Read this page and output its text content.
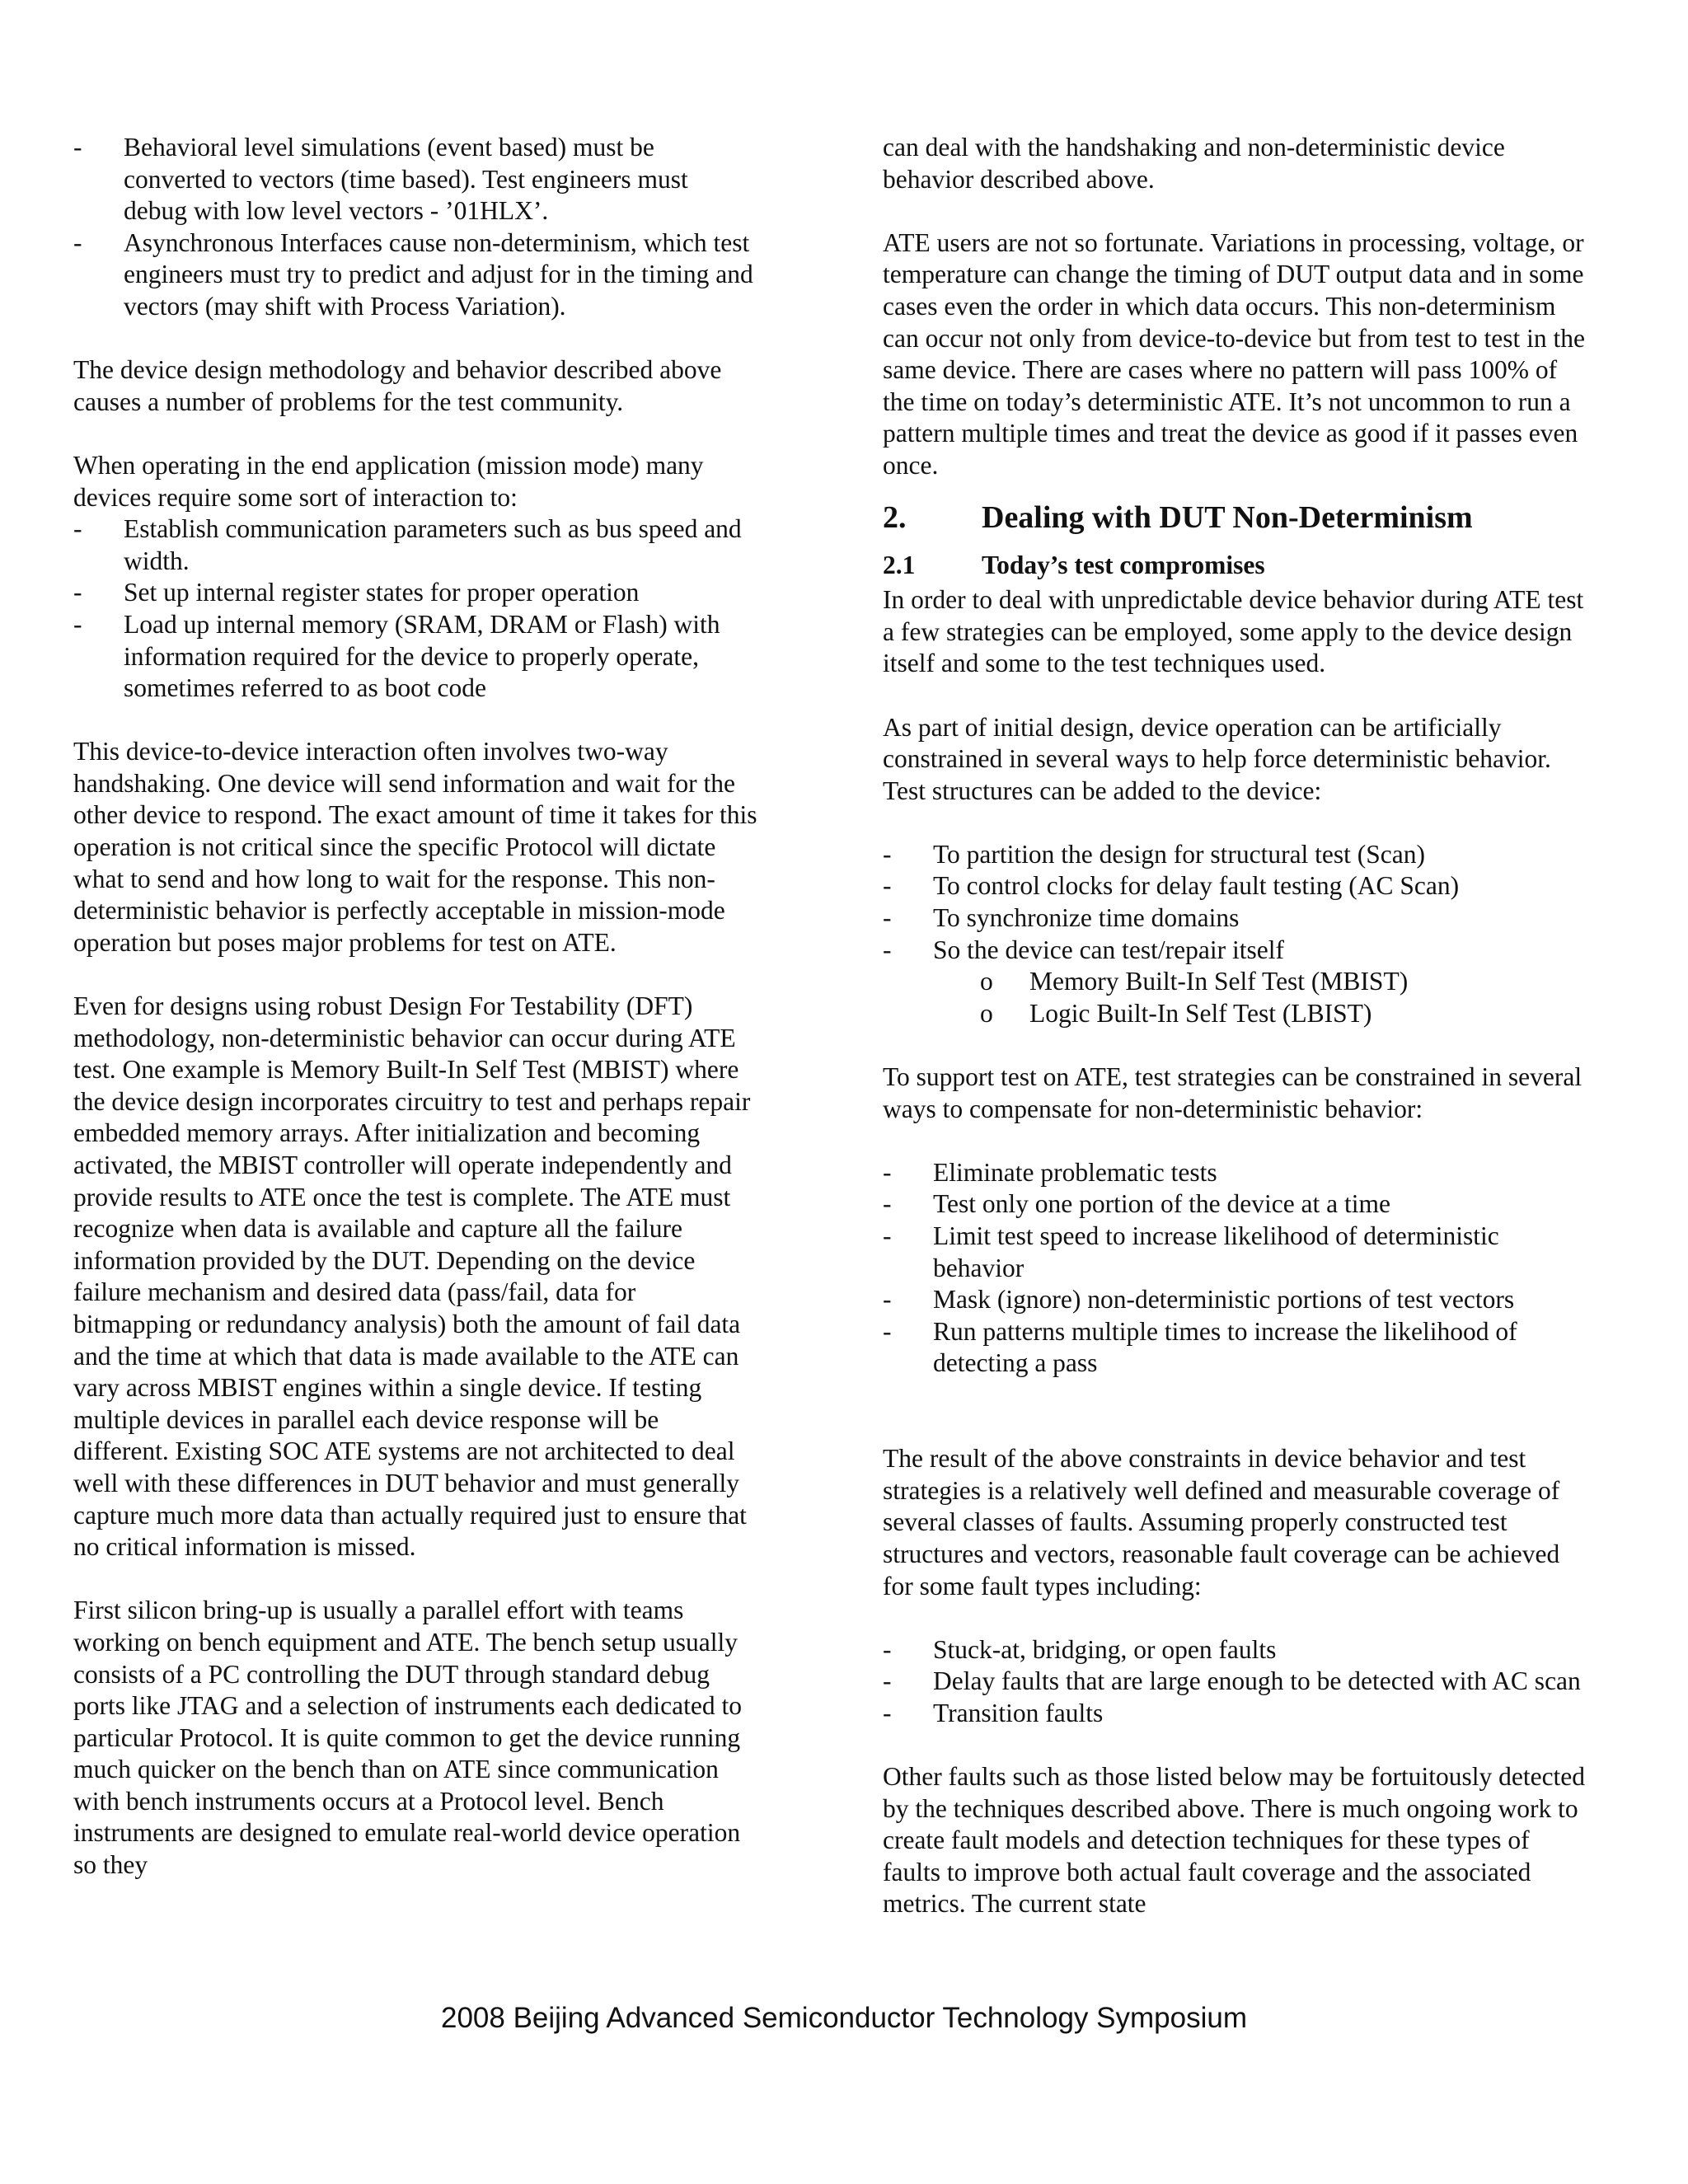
- Behavioral level simulations (event based) must be converted to vectors (time based). Test engineers must debug with low level vectors - ’01HLX’.
- Asynchronous Interfaces cause non-determinism, which test engineers must try to predict and adjust for in the timing and vectors (may shift with Process Variation).

The device design methodology and behavior described above causes a number of problems for the test community.

When operating in the end application (mission mode) many devices require some sort of interaction to:

- Establish communication parameters such as bus speed and width.
- Set up internal register states for proper operation
- Load up internal memory (SRAM, DRAM or Flash) with information required for the device to properly operate, sometimes referred to as boot code

This device-to-device interaction often involves two-way handshaking. One device will send information and wait for the other device to respond. The exact amount of time it takes for this operation is not critical since the specific Protocol will dictate what to send and how long to wait for the response. This non-deterministic behavior is perfectly acceptable in mission-mode operation but poses major problems for test on ATE.

Even for designs using robust Design For Testability (DFT) methodology, non-deterministic behavior can occur during ATE test. One example is Memory Built-In Self Test (MBIST) where the device design incorporates circuitry to test and perhaps repair embedded memory arrays. After initialization and becoming activated, the MBIST controller will operate independently and provide results to ATE once the test is complete. The ATE must recognize when data is available and capture all the failure information provided by the DUT. Depending on the device failure mechanism and desired data (pass/fail, data for bitmapping or redundancy analysis) both the amount of fail data and the time at which that data is made available to the ATE can vary across MBIST engines within a single device. If testing multiple devices in parallel each device response will be different. Existing SOC ATE systems are not architected to deal well with these differences in DUT behavior and must generally capture much more data than actually required just to ensure that no critical information is missed.

First silicon bring-up is usually a parallel effort with teams working on bench equipment and ATE. The bench setup usually consists of a PC controlling the DUT through standard debug ports like JTAG and a selection of instruments each dedicated to particular Protocol. It is quite common to get the device running much quicker on the bench than on ATE since communication with bench instruments occurs at a Protocol level. Bench instruments are designed to emulate real-world device operation so they

can deal with the handshaking and non-deterministic device behavior described above.

ATE users are not so fortunate. Variations in processing, voltage, or temperature can change the timing of DUT output data and in some cases even the order in which data occurs. This non-determinism can occur not only from device-to-device but from test to test in the same device. There are cases where no pattern will pass 100% of the time on today’s deterministic ATE. It’s not uncommon to run a pattern multiple times and treat the device as good if it passes even once.

2.	Dealing with DUT Non-Determinism
2.1	Today’s test compromises

In order to deal with unpredictable device behavior during ATE test a few strategies can be employed, some apply to the device design itself and some to the test techniques used.

As part of initial design, device operation can be artificially constrained in several ways to help force deterministic behavior. Test structures can be added to the device:

- To partition the design for structural test (Scan)
- To control clocks for delay fault testing (AC Scan)
- To synchronize time domains
- So the device can test/repair itself
o Memory Built-In Self Test (MBIST)
o Logic Built-In Self Test (LBIST)

To support test on ATE, test strategies can be constrained in several ways to compensate for non-deterministic behavior:

- Eliminate problematic tests
- Test only one portion of the device at a time
- Limit test speed to increase likelihood of deterministic behavior
- Mask (ignore) non-deterministic portions of test vectors
- Run patterns multiple times to increase the likelihood of detecting a pass

The result of the above constraints in device behavior and test strategies is a relatively well defined and measurable coverage of several classes of faults. Assuming properly constructed test structures and vectors, reasonable fault coverage can be achieved for some fault types including:

- Stuck-at, bridging, or open faults
- Delay faults that are large enough to be detected with AC scan
- Transition faults

Other faults such as those listed below may be fortuitously detected by the techniques described above. There is much ongoing work to create fault models and detection techniques for these types of faults to improve both actual fault coverage and the associated metrics. The current state

2008 Beijing Advanced Semiconductor Technology Symposium
